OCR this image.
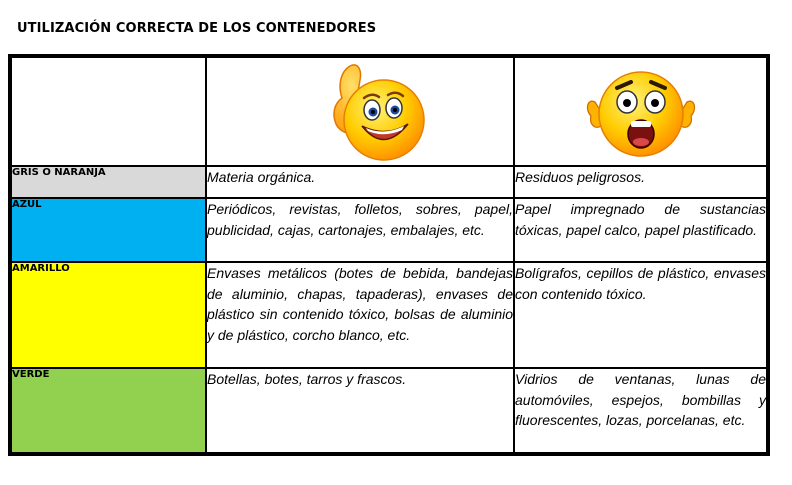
UTILIZACIÓN CORRECTA DE LOS CONTENEDORES

GRIS O NARANJA	Materia orgánica.	Residuos peligrosos.
AZUL	Periódicos, revistas, folletos, sobres, papel, publicidad, cajas, cartonajes, embalajes, etc.	Papel impregnado de sustancias tóxicas, papel calco, papel plastificado.
AMARILLO	Envases metálicos (botes de bebida, bandejas de aluminio, chapas, tapaderas), envases de plástico sin contenido tóxico, bolsas de aluminio y de plástico, corcho blanco, etc.	Bolígrafos, cepillos de plástico, envases con contenido tóxico.
VERDE	Botellas, botes, tarros y frascos.	Vidrios de ventanas, lunas de automóviles, espejos, bombillas y fluorescentes, lozas, porcelanas, etc.
